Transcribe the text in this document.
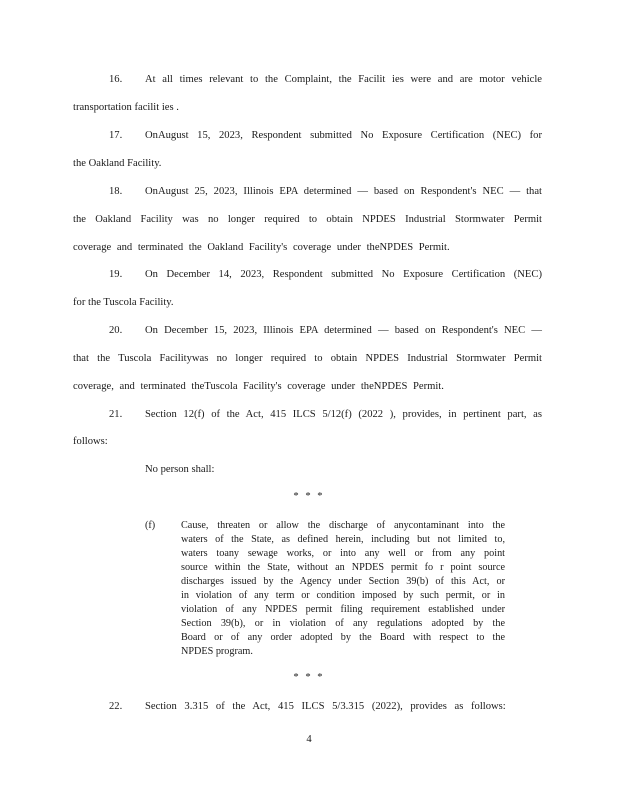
16. At all times relevant to the Complaint, the Facilit ies were and are motor vehicle
transportation facilit ies .
17. OnAugust 15, 2023, Respondent submitted No Exposure Certification (NEC) for
the Oakland Facility.
18. OnAugust 25, 2023, Illinois EPA determined — based on Respondent's NEC — that
the Oakland Facility was no longer required to obtain NPDES Industrial Stormwater Permit
coverage and terminated the Oakland Facility's coverage under theNPDES Permit.
19. On December 14, 2023, Respondent submitted No Exposure Certification (NEC)
for the Tuscola Facility.
20. On December 15, 2023, Illinois EPA determined — based on Respondent's NEC —
that the Tuscola Facilitywas no longer required to obtain NPDES Industrial Stormwater Permit
coverage, and terminated theTuscola Facility's coverage under theNPDES Permit.
21. Section 12(f) of the Act, 415 ILCS 5/12(f) (2022 ), provides, in pertinent part, as
follows:
No person shall:
* * *
(f)	Cause, threaten or allow the discharge of anycontaminant into the
waters of the State, as defined herein, including but not limited to,
waters toany sewage works, or into any well or from any point
source within the State, without an NPDES permit fo r point source
discharges issued by the Agency under Section 39(b) of this Act, or
in violation of any term or condition imposed by such permit, or in
violation of any NPDES permit filing requirement established under
Section 39(b), or in violation of any regulations adopted by the
Board or of any order adopted by the Board with respect to the
NPDES program.
* * *
22. Section 3.315 of the Act, 415 ILCS 5/3.315 (2022), provides as follows:
4
